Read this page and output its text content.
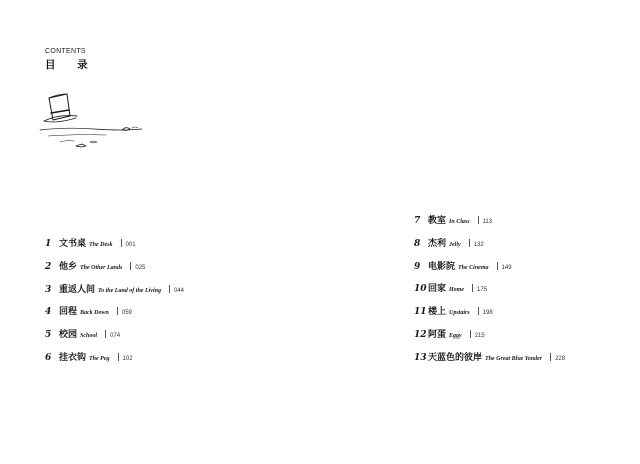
CONTENTS
目 录
1 文书桌 The Desk 001
2 他乡 The Other Lands 025
3 重返人间 To the Land of the Living 044
4 回程 Back Down 059
5 校园 School 074
6 挂衣钩 The Peg 102
7 教室 In Class 113
8 杰利 Jelly 132
9 电影院 The Cinema 149
10 回家 Home 175
11 楼上 Upstairs 198
12 阿蛋 Eggy 215
13 天蓝色的彼岸 The Great Blue Yonder 228
